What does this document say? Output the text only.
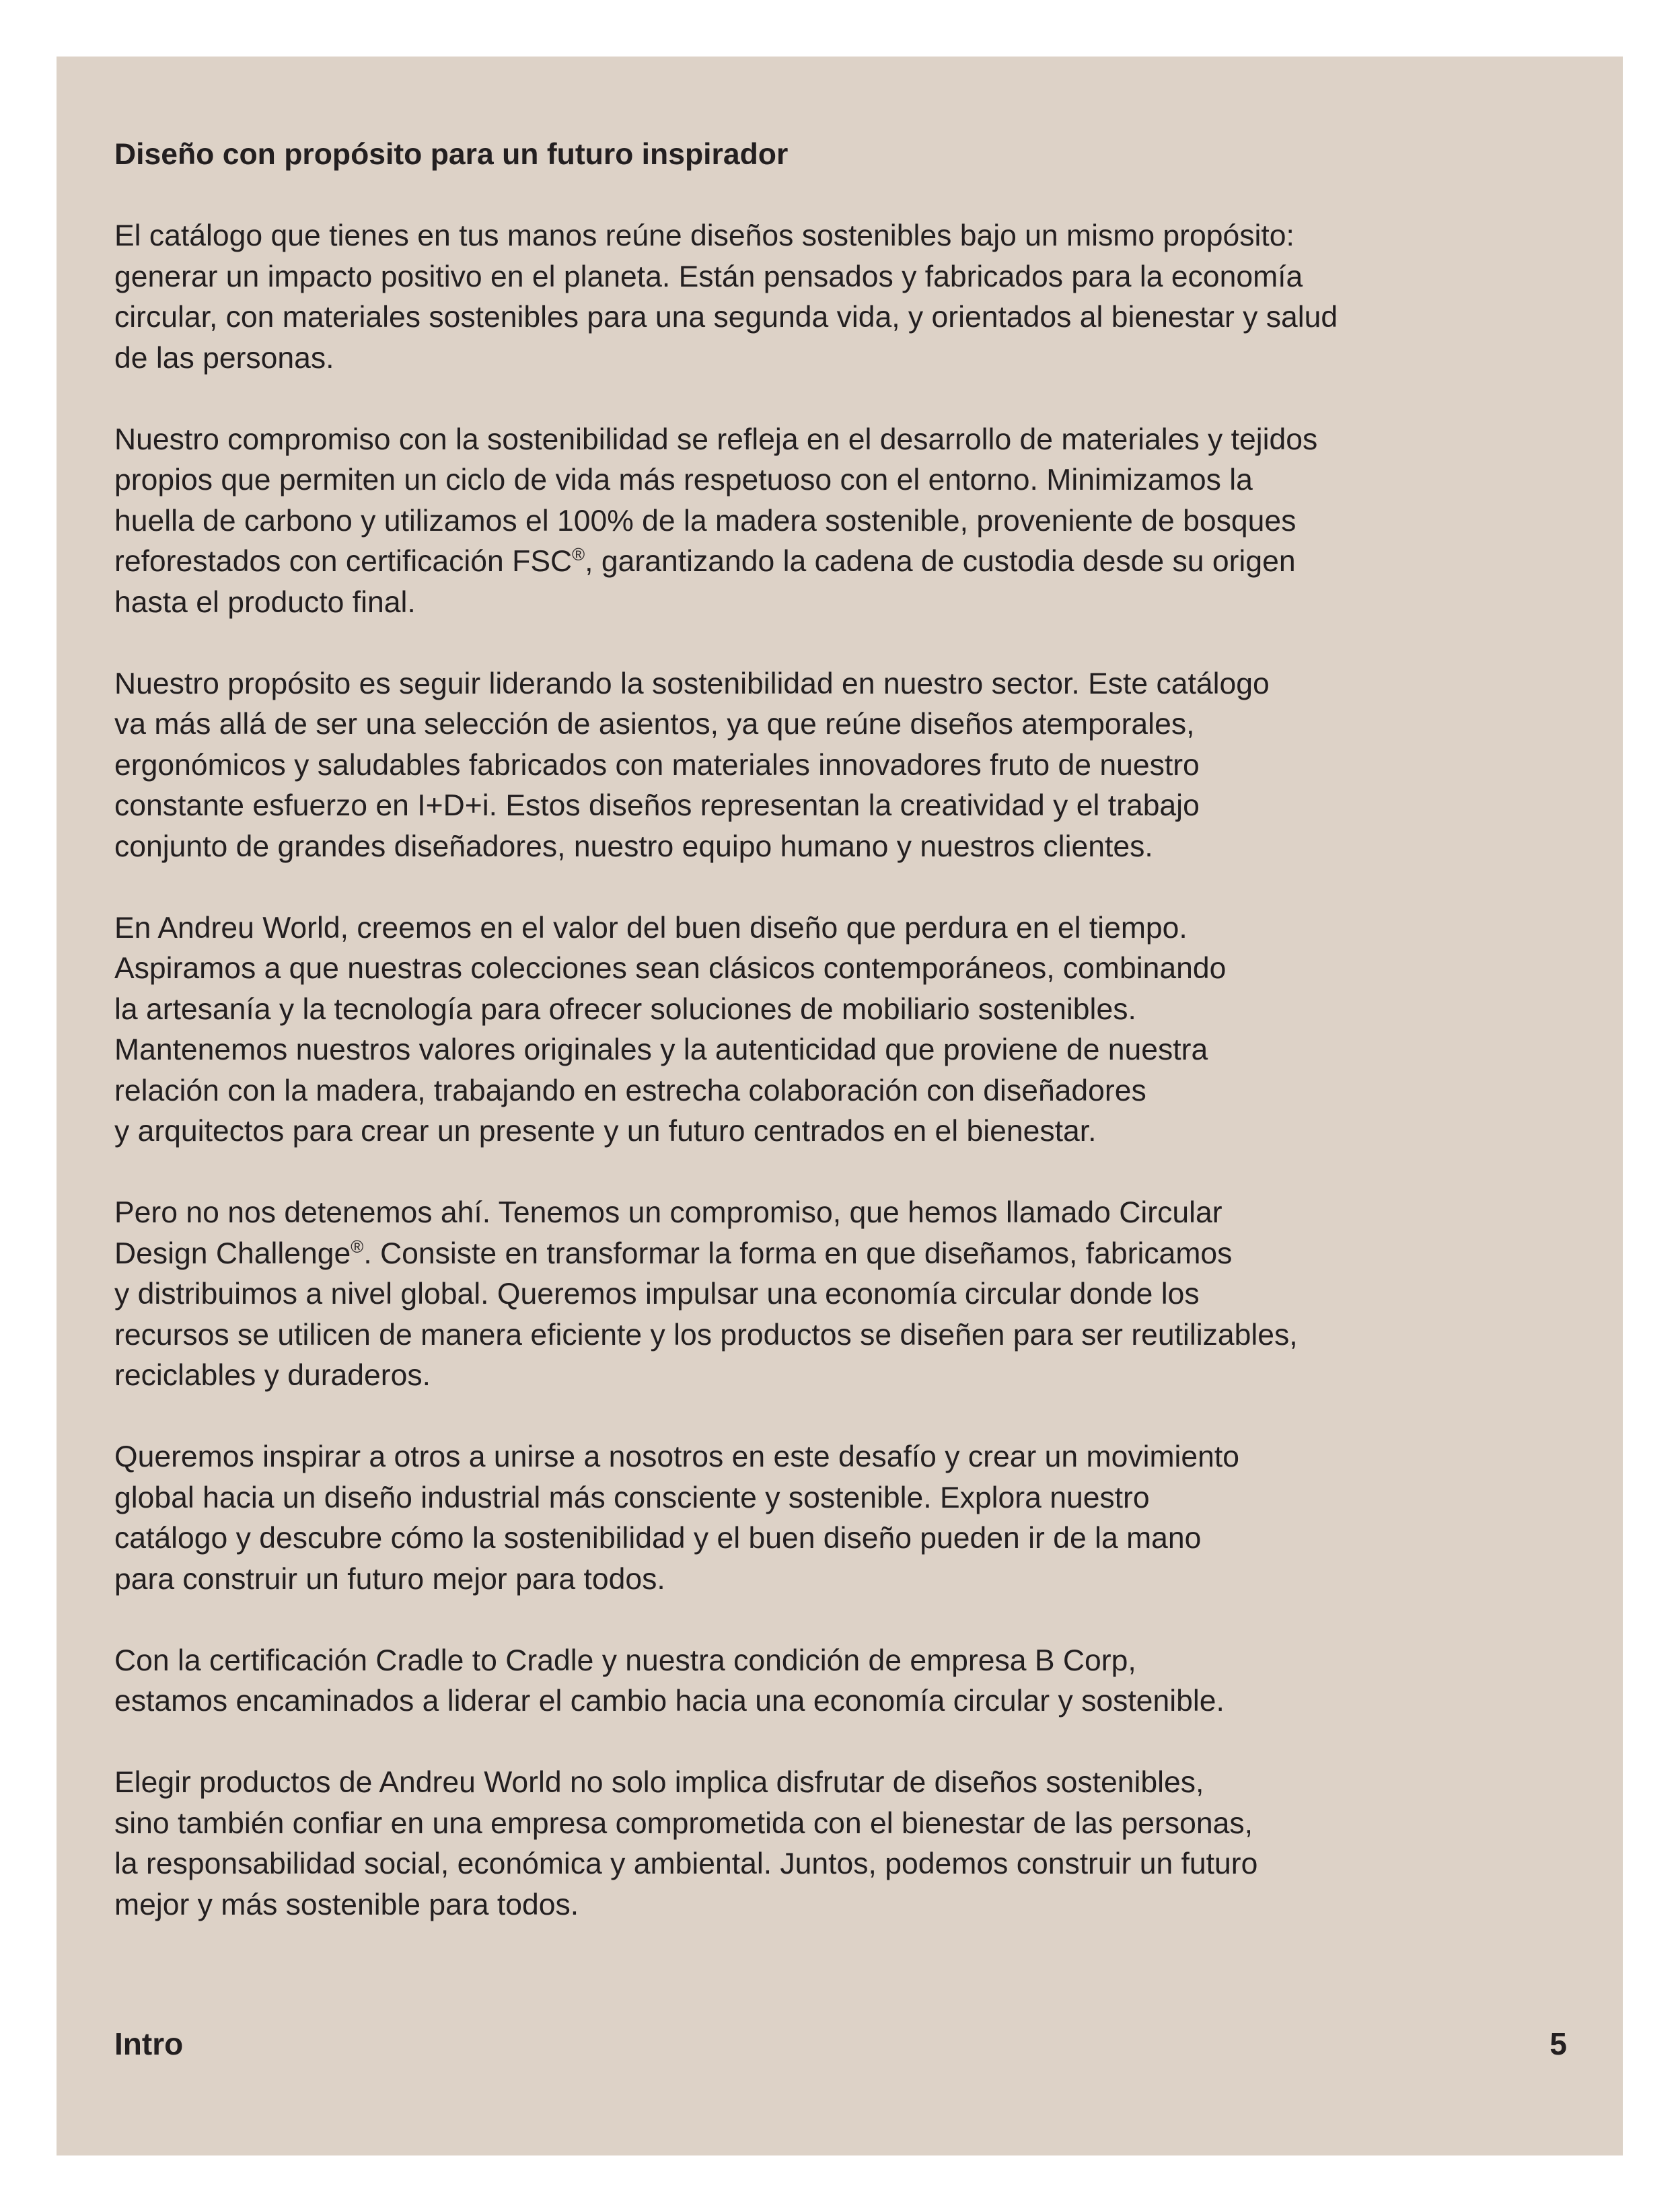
Diseño con propósito para un futuro inspirador

El catálogo que tienes en tus manos reúne diseños sostenibles bajo un mismo propósito:
generar un impacto positivo en el planeta. Están pensados y fabricados para la economía
circular, con materiales sostenibles para una segunda vida, y orientados al bienestar y salud
de las personas.

Nuestro compromiso con la sostenibilidad se refleja en el desarrollo de materiales y tejidos
propios que permiten un ciclo de vida más respetuoso con el entorno. Minimizamos la
huella de carbono y utilizamos el 100% de la madera sostenible, proveniente de bosques
reforestados con certificación FSC®, garantizando la cadena de custodia desde su origen
hasta el producto final.

Nuestro propósito es seguir liderando la sostenibilidad en nuestro sector. Este catálogo
va más allá de ser una selección de asientos, ya que reúne diseños atemporales,
ergonómicos y saludables fabricados con materiales innovadores fruto de nuestro
constante esfuerzo en I+D+i. Estos diseños representan la creatividad y el trabajo
conjunto de grandes diseñadores, nuestro equipo humano y nuestros clientes.

En Andreu World, creemos en el valor del buen diseño que perdura en el tiempo.
Aspiramos a que nuestras colecciones sean clásicos contemporáneos, combinando
la artesanía y la tecnología para ofrecer soluciones de mobiliario sostenibles.
Mantenemos nuestros valores originales y la autenticidad que proviene de nuestra
relación con la madera, trabajando en estrecha colaboración con diseñadores
y arquitectos para crear un presente y un futuro centrados en el bienestar.

Pero no nos detenemos ahí. Tenemos un compromiso, que hemos llamado Circular
Design Challenge®. Consiste en transformar la forma en que diseñamos, fabricamos
y distribuimos a nivel global. Queremos impulsar una economía circular donde los
recursos se utilicen de manera eficiente y los productos se diseñen para ser reutilizables,
reciclables y duraderos.

Queremos inspirar a otros a unirse a nosotros en este desafío y crear un movimiento
global hacia un diseño industrial más consciente y sostenible. Explora nuestro
catálogo y descubre cómo la sostenibilidad y el buen diseño pueden ir de la mano
para construir un futuro mejor para todos.

Con la certificación Cradle to Cradle y nuestra condición de empresa B Corp,
estamos encaminados a liderar el cambio hacia una economía circular y sostenible.

Elegir productos de Andreu World no solo implica disfrutar de diseños sostenibles,
sino también confiar en una empresa comprometida con el bienestar de las personas,
la responsabilidad social, económica y ambiental. Juntos, podemos construir un futuro
mejor y más sostenible para todos.

Intro	5
